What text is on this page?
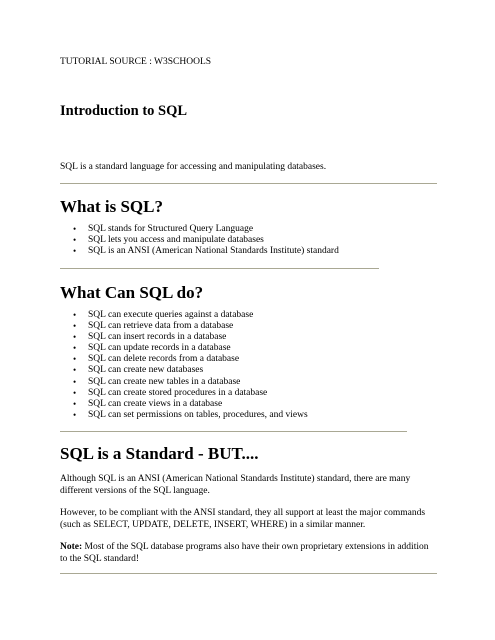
TUTORIAL SOURCE : W3SCHOOLS

Introduction to SQL

SQL is a standard language for accessing and manipulating databases.

What is SQL?
• SQL stands for Structured Query Language
• SQL lets you access and manipulate databases
• SQL is an ANSI (American National Standards Institute) standard
What Can SQL do?
• SQL can execute queries against a database
• SQL can retrieve data from a database
• SQL can insert records in a database
• SQL can update records in a database
• SQL can delete records from a database
• SQL can create new databases
• SQL can create new tables in a database
• SQL can create stored procedures in a database
• SQL can create views in a database
• SQL can set permissions on tables, procedures, and views
SQL is a Standard - BUT....

Although SQL is an ANSI (American National Standards Institute) standard, there are many different versions of the SQL language.

However, to be compliant with the ANSI standard, they all support at least the major commands (such as SELECT, UPDATE, DELETE, INSERT, WHERE) in a similar manner.

Note: Most of the SQL database programs also have their own proprietary extensions in addition to the SQL standard!
